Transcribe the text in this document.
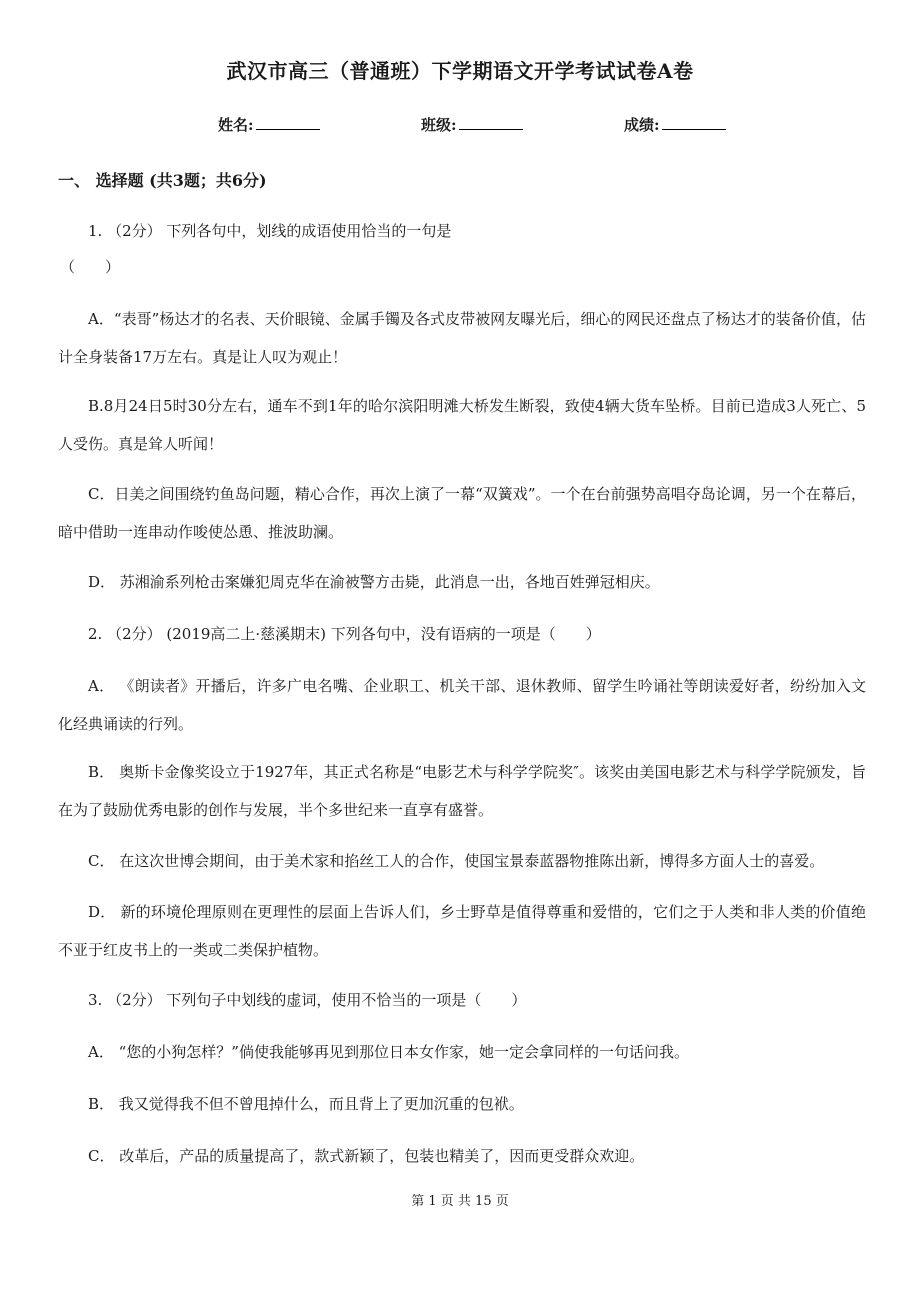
武汉市高三（普通班）下学期语文开学考试试卷A卷
姓名:	班级:	成绩:
一、 选择题 (共3题；共6分)
1. （2分） 下列各句中，划线的成语使用恰当的一句是
（　　）
A．“表哥”杨达才的名表、天价眼镜、金属手镯及各式皮带被网友曝光后，细心的网民还盘点了杨达才的装备价值，估计全身装备17万左右。真是让人叹为观止！
B.8月24日5时30分左右，通车不到1年的哈尔滨阳明滩大桥发生断裂，致使4辆大货车坠桥。目前已造成3人死亡、5人受伤。真是耸人听闻！
C．日美之间围绕钓鱼岛问题，精心合作，再次上演了一幕“双簧戏”。一个在台前强势高唱夺岛论调，另一个在幕后，暗中借助一连串动作唆使怂恿、推波助澜。
D． 苏湘渝系列枪击案嫌犯周克华在渝被警方击毙，此消息一出，各地百姓弹冠相庆。
2. （2分） (2019高二上·慈溪期末) 下列各句中，没有语病的一项是（　　）
A． 《朗读者》开播后，许多广电名嘴、企业职工、机关干部、退休教师、留学生吟诵社等朗读爱好者，纷纷加入文化经典诵读的行列。
B． 奥斯卡金像奖设立于1927年，其正式名称是“电影艺术与科学学院奖″。该奖由美国电影艺术与科学学院颁发，旨在为了鼓励优秀电影的创作与发展，半个多世纪来一直享有盛誉。
C． 在这次世博会期间，由于美术家和掐丝工人的合作，使国宝景泰蓝器物推陈出新，博得多方面人士的喜爱。
D． 新的环境伦理原则在更理性的层面上告诉人们，乡士野草是值得尊重和爱惜的，它们之于人类和非人类的价值绝不亚于红皮书上的一类或二类保护植物。
3. （2分） 下列句子中划线的虚词，使用不恰当的一项是（　　）
A． “您的小狗怎样？”倘使我能够再见到那位日本女作家，她一定会拿同样的一句话问我。
B． 我又觉得我不但不曾甩掉什么，而且背上了更加沉重的包袱。
C． 改革后，产品的质量提高了，款式新颖了，包装也精美了，因而更受群众欢迎。
第 1 页 共 15 页
